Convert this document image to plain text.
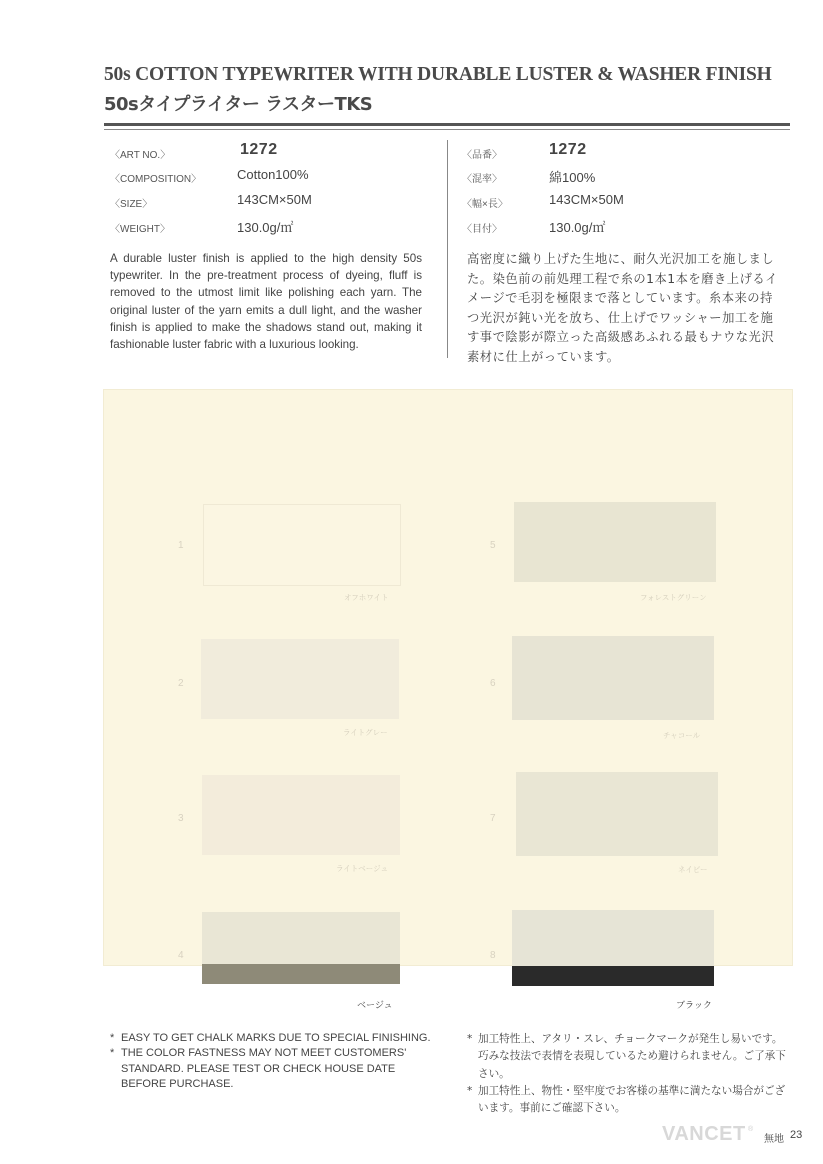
50s COTTON TYPEWRITER WITH DURABLE LUSTER & WASHER FINISH
50sタイプライター ラスターTKS
〈ART NO.〉	1272
〈COMPOSITION〉	Cotton100%
〈SIZE〉	143CM×50M
〈WEIGHT〉	130.0g/㎡
〈品番〉	1272
〈混率〉	綿100%
〈幅×長〉	143CM×50M
〈目付〉	130.0g/㎡
A durable luster finish is applied to the high density 50s typewriter. In the pre-treatment process of dyeing, fluff is removed to the utmost limit like polishing each yarn. The original luster of the yarn emits a dull light, and the washer finish is applied to make the shadows stand out, making it fashionable luster fabric with a luxurious looking.
高密度に織り上げた生地に、耐久光沢加工を施しました。染色前の前処理工程で糸の1本1本を磨き上げるイメージで毛羽を極限まで落としています。糸本来の持つ光沢が鈍い光を放ち、仕上げでワッシャー加工を施す事で陰影が際立った高級感あふれる最もナウな光沢素材に仕上がっています。
1
オフホワイト
2
ライトグレー
3
ライトベージュ
4
ベージュ
5
フォレストグリーン
6
チャコール
7
ネイビー
8
ブラック
* EASY TO GET CHALK MARKS DUE TO SPECIAL FINISHING.
* THE COLOR FASTNESS MAY NOT MEET CUSTOMERS' STANDARD. PLEASE TEST OR CHECK HOUSE DATE BEFORE PURCHASE.
* 加工特性上、アタリ・スレ、チョークマークが発生し易いです。巧みな技法で表情を表現しているため避けられません。ご了承下さい。
* 加工特性上、物性・堅牢度でお客様の基準に満たない場合がございます。事前にご確認下さい。
VANCET ®
無地 23
